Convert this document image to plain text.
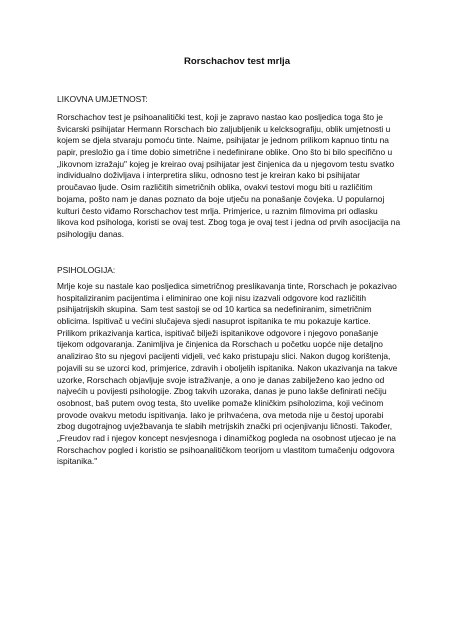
Rorschachov test mrlja
LIKOVNA UMJETNOST:
Rorschachov test je psihoanalitički test, koji je zapravo nastao kao posljedica toga što je
švicarski psihijatar Hermann Rorschach bio zaljubljenik u kelcksografiju, oblik umjetnosti u
kojem se djela stvaraju pomoću tinte. Naime, psihijatar je jednom prilikom kapnuo tintu na
papir, presložio ga i time dobio simetrične i nedefinirane oblike. Ono što bi bilo specifično u
„likovnom izražaju" kojeg je kreirao ovaj psihijatar jest činjenica da u njegovom testu svatko
individualno doživljava i interpretira sliku, odnosno test je kreiran kako bi psihijatar
proučavao ljude. Osim različitih simetričnih oblika, ovakvi testovi mogu biti u različitim
bojama, pošto nam je danas poznato da boje utječu na ponašanje čovjeka. U popularnoj
kulturi često viđamo Rorschachov test mrlja. Primjerice, u raznim filmovima pri odlasku
likova kod psihologa, koristi se ovaj test. Zbog toga je ovaj test i jedna od prvih asocijacija na
psihologiju danas.
PSIHOLOGIJA:
Mrlje koje su nastale kao posljedica simetričnog preslikavanja tinte, Rorschach je pokazivao
hospitaliziranim pacijentima i eliminirao one koji nisu izazvali odgovore kod različitih
psihijatrijskih skupina. Sam test sastoji se od 10 kartica sa nedefiniranim, simetričnim
oblicima. Ispitivač u većini slučajeva sjedi nasuprot ispitanika te mu pokazuje kartice.
Prilikom prikazivanja kartica, ispitivač bilježi ispitanikove odgovore i njegovo ponašanje
tijekom odgovaranja. Zanimljiva je činjenica da Rorschach u početku uopće nije detaljno
analizirao što su njegovi pacijenti vidjeli, već kako pristupaju slici. Nakon dugog korištenja,
pojavili su se uzorci kod, primjerice, zdravih i oboljelih ispitanika. Nakon ukazivanja na takve
uzorke, Rorschach objavljuje svoje istraživanje, a ono je danas zabilježeno kao jedno od
najvećih u povijesti psihologije. Zbog takvih uzoraka, danas je puno lakše definirati nečiju
osobnost, baš putem ovog testa, što uvelike pomaže kliničkim psiholozima, koji većinom
provode ovakvu metodu ispitivanja. Iako je prihvaćena, ova metoda nije u čestoj uporabi
zbog dugotrajnog uvježbavanja te slabih metrijskih znački pri ocjenjivanju ličnosti. Također,
„Freudov rad i njegov koncept nesvjesnoga i dinamičkog pogleda na osobnost utjecao je na
Rorschachov pogled i koristio se psihoanalitičkom teorijom u vlastitom tumačenju odgovora
ispitanika."
